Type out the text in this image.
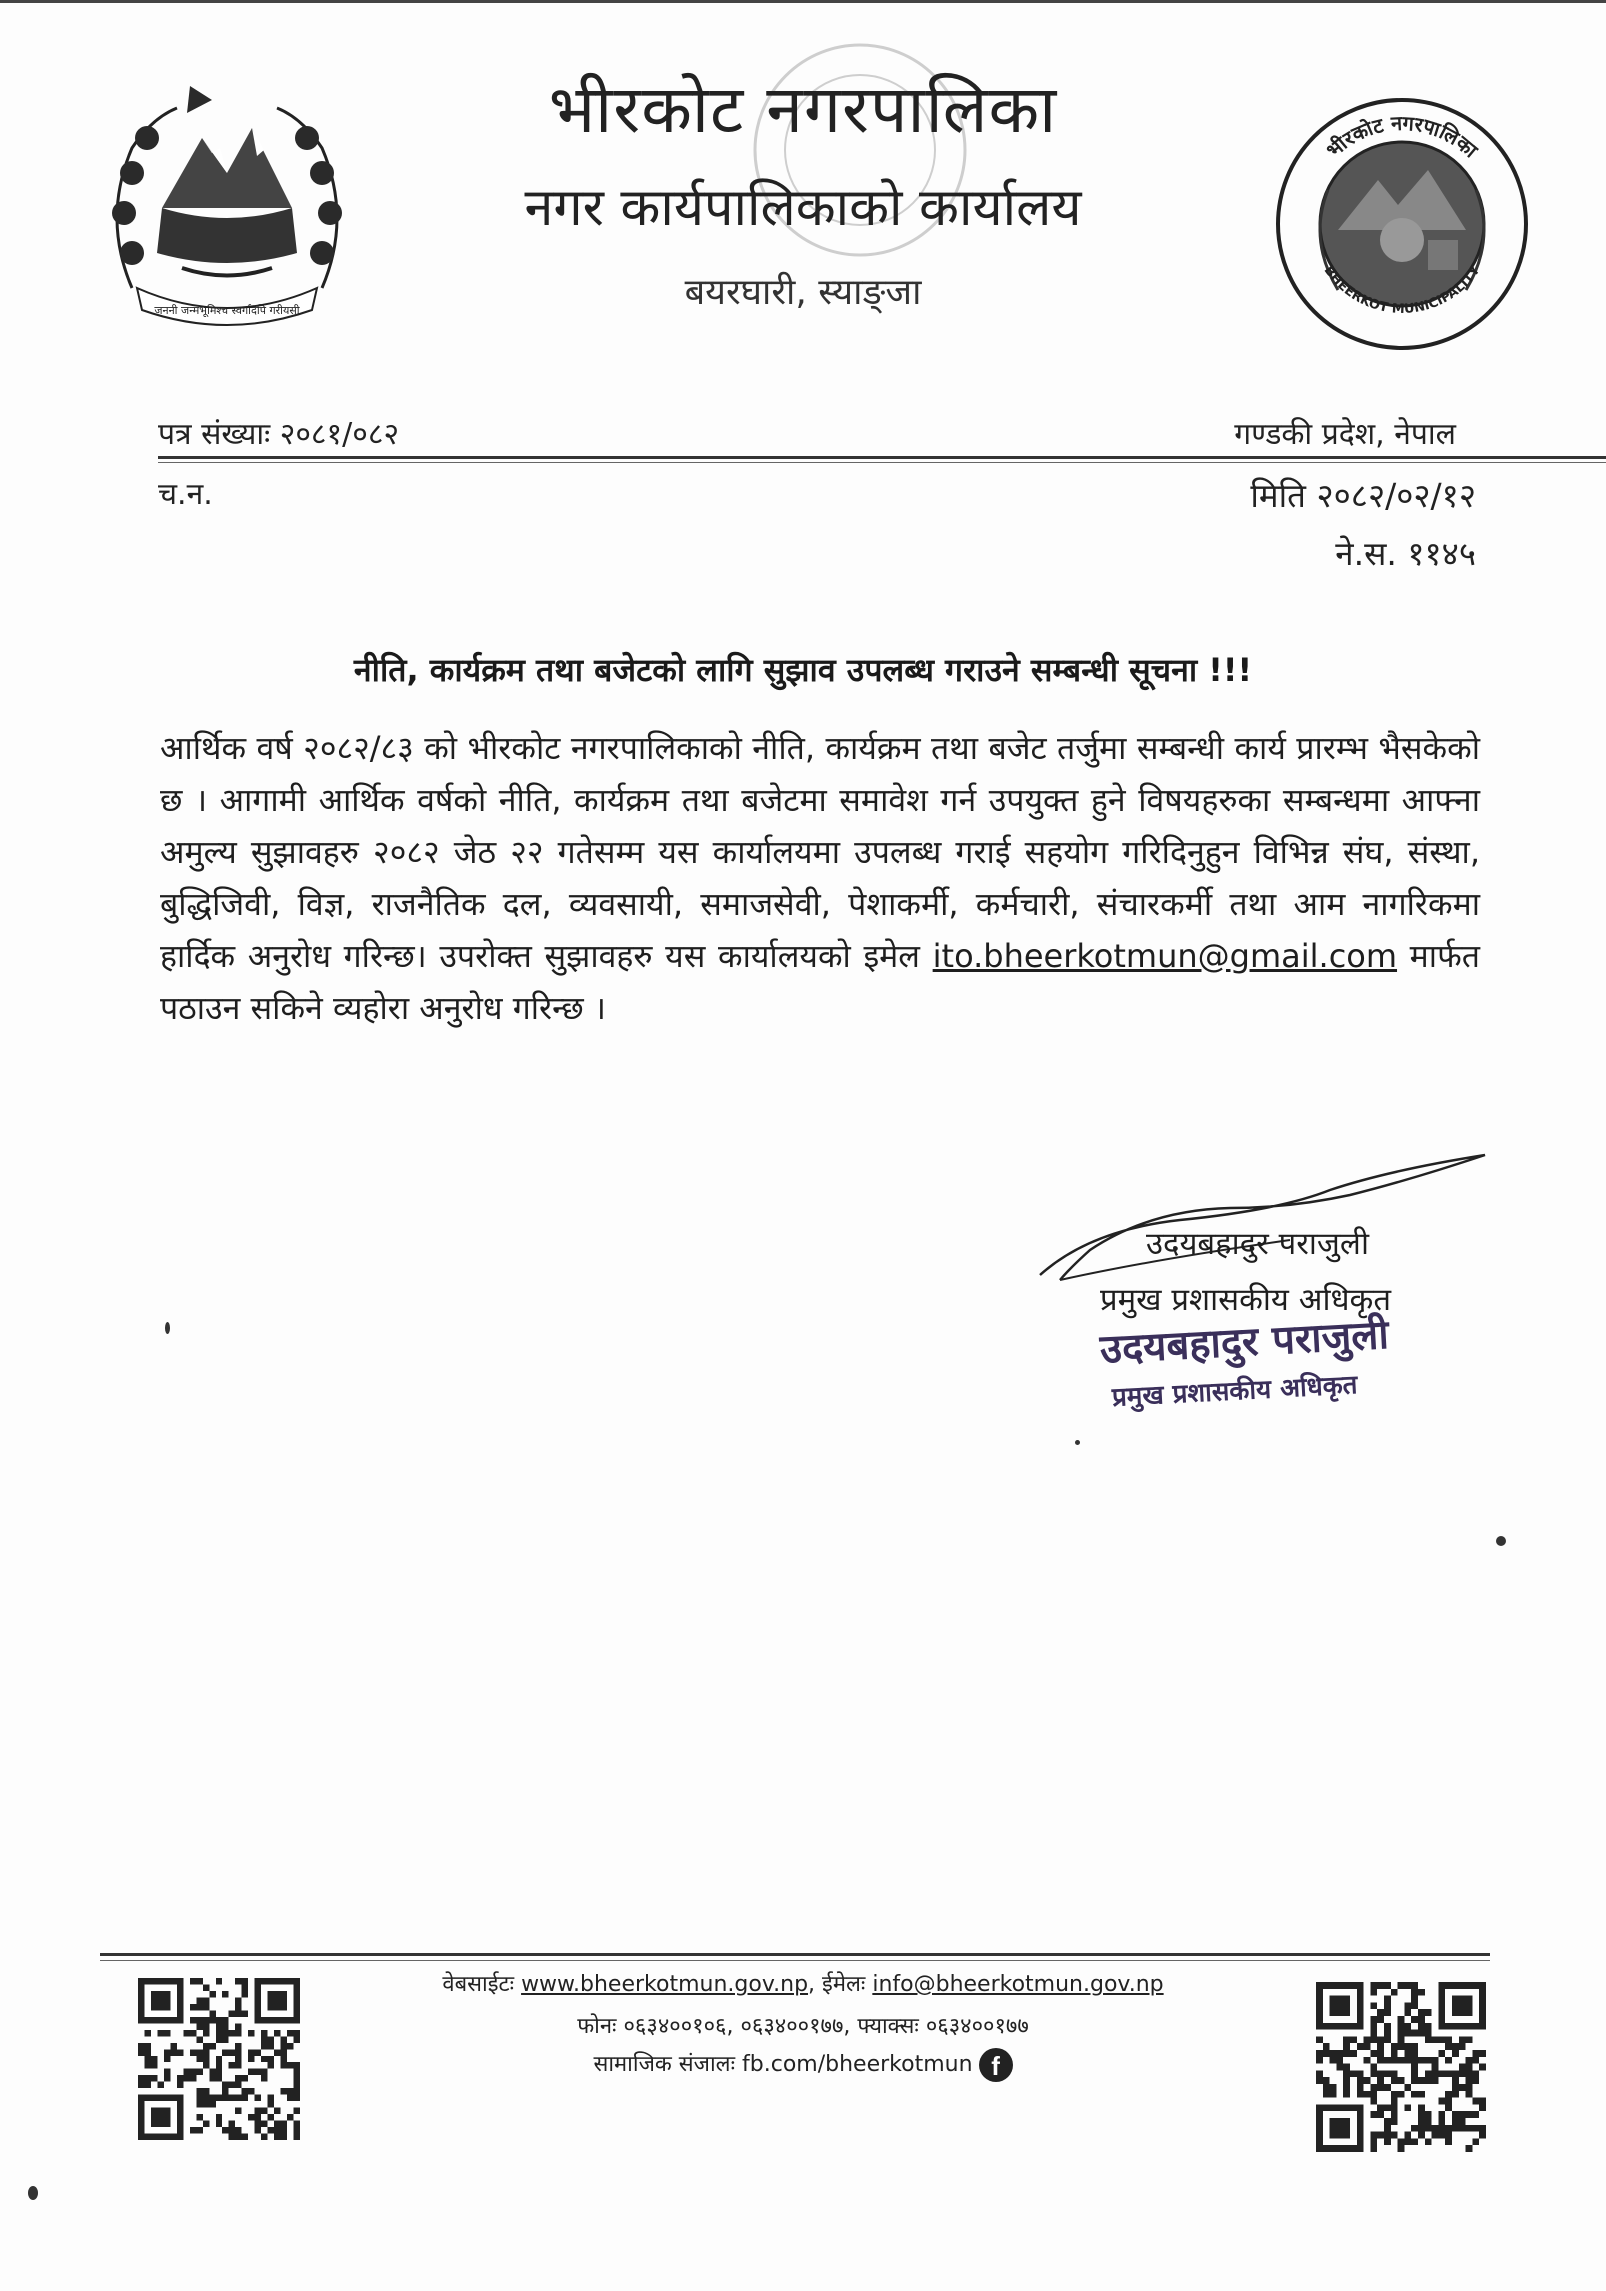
जननी जन्मभूमिश्च स्वर्गादपि गरीयसी
भीरकोट नगरपालिका
BHEERKOT MUNICIPALITY
भीरकोट नगरपालिका
नगर कार्यपालिकाको कार्यालय
बयरघारी, स्याङ्जा
पत्र संख्याः २०८१/०८२	गण्डकी प्रदेश, नेपाल
च.न.	मिति २०८२/०२/१२
ने.स. ११४५
नीति, कार्यक्रम तथा बजेटको लागि सुझाव उपलब्ध गराउने सम्बन्धी सूचना !!!
आर्थिक वर्ष २०८२/८३ को भीरकोट नगरपालिकाको नीति, कार्यक्रम तथा बजेट तर्जुमा सम्बन्धी कार्य प्रारम्भ भैसकेको छ । आगामी आर्थिक वर्षको नीति, कार्यक्रम तथा बजेटमा समावेश गर्न उपयुक्त हुने विषयहरुका सम्बन्धमा आफ्ना अमुल्य सुझावहरु २०८२ जेठ २२ गतेसम्म यस कार्यालयमा उपलब्ध गराई सहयोग गरिदिनुहुन विभिन्न संघ, संस्था, बुद्धिजिवी, विज्ञ, राजनैतिक दल, व्यवसायी, समाजसेवी, पेशाकर्मी, कर्मचारी, संचारकर्मी तथा आम नागरिकमा हार्दिक अनुरोध गरिन्छ। उपरोक्त सुझावहरु यस कार्यालयको इमेल ito.bheerkotmun@gmail.com मार्फत पठाउन सकिने व्यहोरा अनुरोध गरिन्छ ।
उदयबहादुर पराजुली
प्रमुख प्रशासकीय अधिकृत
उदयबहादुर पराजुली
प्रमुख प्रशासकीय अधिकृत
वेबसाईटः www.bheerkotmun.gov.np, ईमेलः info@bheerkotmun.gov.np
फोनः ०६३४००१०६, ०६३४००१७७, फ्याक्सः ०६३४००१७७
सामाजिक संजालः fb.com/bheerkotmun f
